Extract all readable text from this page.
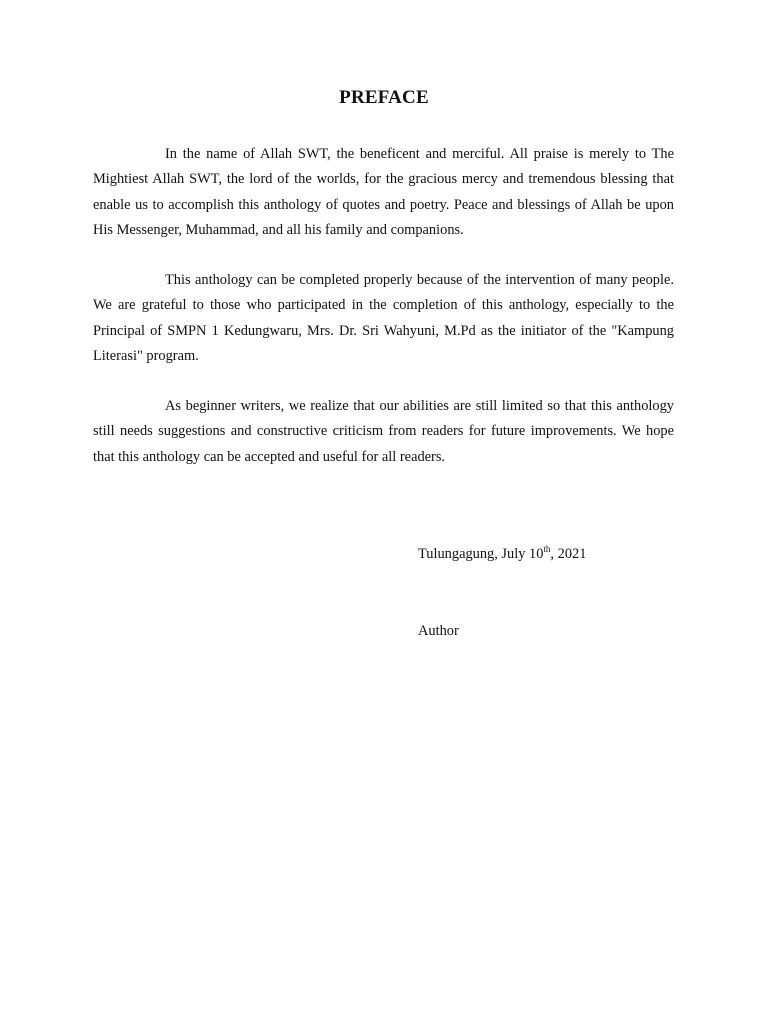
PREFACE

In the name of Allah SWT, the beneficent and merciful. All praise is merely to The Mightiest Allah SWT, the lord of the worlds, for the gracious mercy and tremendous blessing that enable us to accomplish this anthology of quotes and poetry. Peace and blessings of Allah be upon His Messenger, Muhammad, and all his family and companions.

This anthology can be completed properly because of the intervention of many people. We are grateful to those who participated in the completion of this anthology, especially to the Principal of SMPN 1 Kedungwaru, Mrs. Dr. Sri Wahyuni, M.Pd as the initiator of the "Kampung Literasi" program.

As beginner writers, we realize that our abilities are still limited so that this anthology still needs suggestions and constructive criticism from readers for future improvements. We hope that this anthology can be accepted and useful for all readers.

Tulungagung, July 10th, 2021

Author
